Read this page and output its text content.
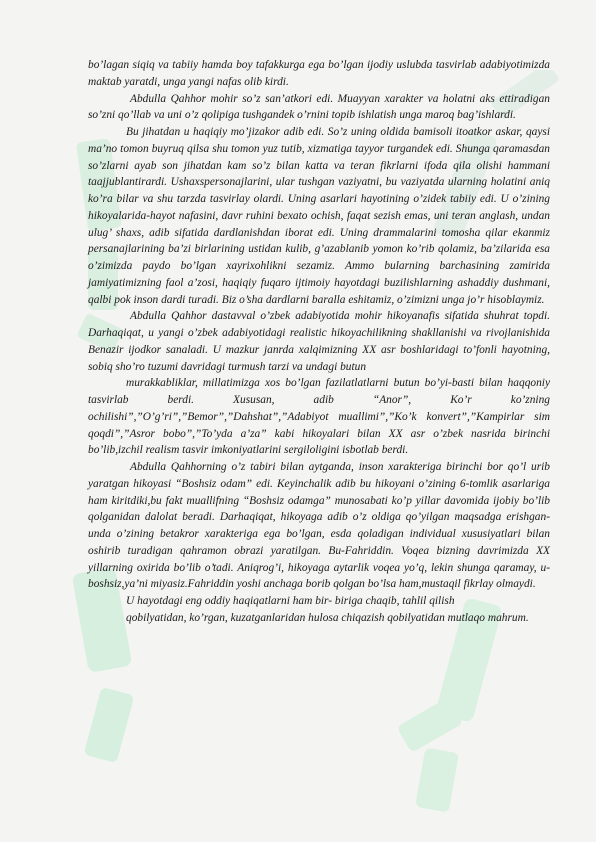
bo’lagan siqiq va tabiiy hamda boy tafakkurga ega bo’lgan ijodiy uslubda tasvirlab adabiyotimizda maktab yaratdi, unga yangi nafas olib kirdi.

Abdulla Qahhor mohir so’z san’atkori edi. Muayyan xarakter va holatni aks ettiradigan so’zni qo’llab va uni o’z qolipiga tushgandek o’rnini topib ishlatish unga maroq bag’ishlardi.

Bu jihatdan u haqiqiy mo’jizakor adib edi. So’z uning oldida bamisoli itoatkor askar, qaysi ma’no tomon buyruq qilsa shu tomon yuz tutib, xizmatiga tayyor turgandek edi. Shunga qaramasdan so’zlarni ayab son jihatdan kam so’z bilan katta va teran fikrlarni ifoda qila olishi hammani taajjublantirardi. Ushaxspersonajlarini, ular tushgan vaziyatni, bu vaziyatda ularning holatini aniq ko’ra bilar va shu tarzda tasvirlay olardi. Uning asarlari hayotining o’zidek tabiiy edi. U o’zining hikoyalarida-hayot nafasini, davr ruhini bexato ochish, faqat sezish emas, uni teran anglash, undan ulug’ shaxs, adib sifatida dardlanishdan iborat edi. Uning drammalarini tomosha qilar ekanmiz persanajlarining ba’zi birlarining ustidan kulib, g’azablanib yomon ko’rib qolamiz, ba’zilarida esa o’zimizda paydo bo’lgan xayrixohlikni sezamiz. Ammo bularning barchasining zamirida jamiyatimizning faol a’zosi, haqiqiy fuqaro ijtimoiy hayotdagi buzilishlarning ashaddiy dushmani, qalbi pok inson dardi turadi. Biz o’sha dardlarni baralla eshitamiz, o’zimizni unga jo’r hisoblaymiz.

Abdulla Qahhor dastavval o’zbek adabiyotida mohir hikoyanafis sifatida shuhrat topdi. Darhaqiqat, u yangi o’zbek adabiyotidagi realistic hikoyachilikning shakllanishi va rivojlanishida Benazir ijodkor sanaladi. U mazkur janrda xalqimizning XX asr boshlaridagi to’fonli hayotning, sobiq sho’ro tuzumi davridagi turmush tarzi va undagi butun

murakkabliklar, millatimizga xos bo’lgan fazilatlatlarni butun bo’yi-basti bilan haqqoniy tasvirlab berdi. Xususan, adib “Anor”, Ko’r ko’zning ochilishi”,”O’g’ri”,”Bemor”,”Dahshat”,”Adabiyot muallimi”,”Ko’k konvert”,”Kampirlar sim qoqdi”,”Asror bobo”,”To’yda a’za” kabi hikoyalari bilan XX asr o’zbek nasrida birinchi bo’lib,izchil realism tasvir imkoniyatlarini sergiloligini isbotlab berdi.

Abdulla Qahhorning o’z tabiri bilan aytganda, inson xarakteriga birinchi bor qo’l urib yaratgan hikoyasi “Boshsiz odam” edi. Keyinchalik adib bu hikoyani o’zining 6-tomlik asarlariga ham kiritdiki,bu fakt muallifning “Boshsiz odamga” munosabati ko’p yillar davomida ijobiy bo’lib qolganidan dalolat beradi. Darhaqiqat, hikoyaga adib o’z oldiga qo’yilgan maqsadga erishgan-unda o’zining betakror xarakteriga ega bo’lgan, esda qoladigan individual xususiyatlari bilan oshirib turadigan qahramon obrazi yaratilgan. Bu-Fahriddin. Voqea bizning davrimizda XX yillarning oxirida bo’lib o’tadi. Aniqrog’i, hikoyaga aytarlik voqea yo’q, lekin shunga qaramay, u- boshsiz,ya’ni miyasiz.Fahriddin yoshi anchaga borib qolgan bo’lsa ham,mustaqil fikrlay olmaydi.

U hayotdagi eng oddiy haqiqatlarni ham bir- biriga chaqib, tahlil qilish

qobilyatidan, ko’rgan, kuzatganlaridan hulosa chiqazish qobilyatidan mutlaqo mahrum.
